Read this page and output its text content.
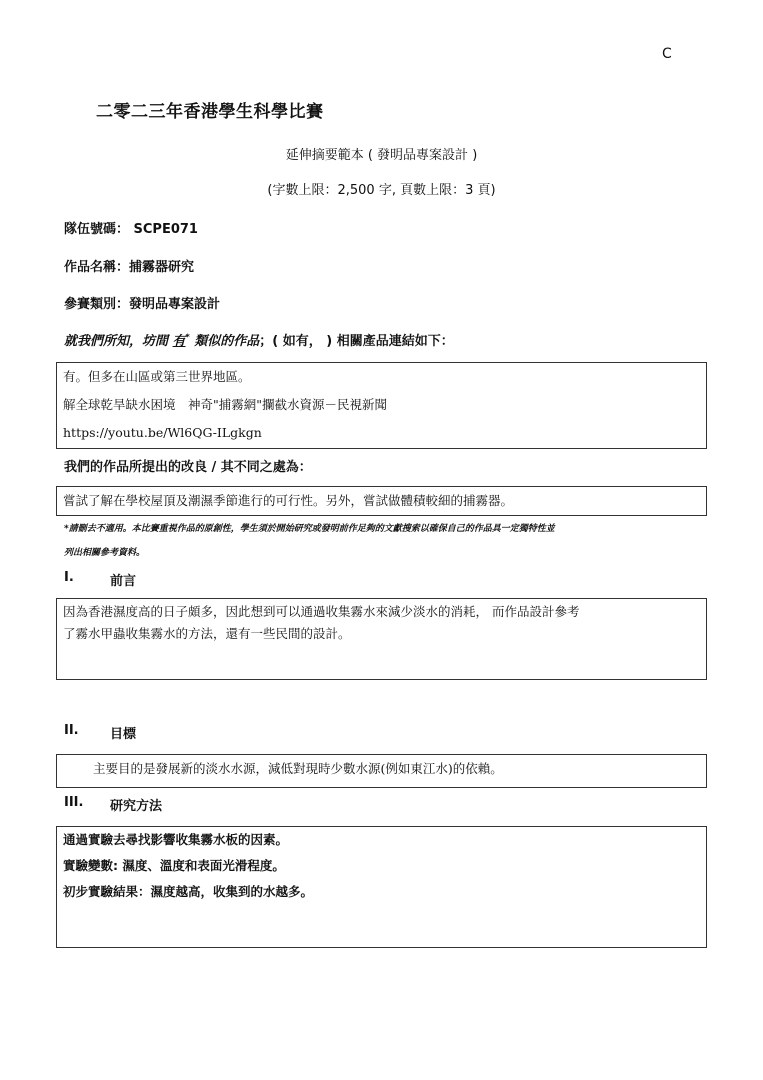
C
二零二三年香港學生科學比賽
延伸摘要範本 ( 發明品專案設計 )
(字數上限：2,500 字, 頁數上限：3 頁)
隊伍號碼： SCPE071
作品名稱：捕霧器研究
參賽類別：發明品專案設計
就我們所知，坊間 有* 類似的作品；( 如有， ) 相關產品連結如下：

有。但多在山區或第三世界地區。

解全球乾旱缺水困境　神奇"捕霧網"攔截水資源－民視新聞

https://youtu.be/Wl6QG-ILgkgn

我們的作品所提出的改良 / 其不同之處為：

嘗試了解在學校屋頂及潮濕季節進行的可行性。另外，嘗試做體積較細的捕霧器。

*請刪去不適用。本比賽重視作品的原創性，學生須於開始研究或發明前作足夠的文獻搜索以確保自己的作品具一定獨特性並
列出相關參考資料。
I.	前言

因為香港濕度高的日子頗多，因此想到可以通過收集霧水來減少淡水的消耗， 而作品設計參考

了霧水甲蟲收集霧水的方法，還有一些民間的設計。

II. 目標

主要目的是發展新的淡水水源，減低對現時少數水源(例如東江水)的依賴。

III. 研究方法

通過實驗去尋找影響收集霧水板的因素。

實驗變數: 濕度、溫度和表面光滑程度。

初步實驗結果：濕度越高，收集到的水越多。
